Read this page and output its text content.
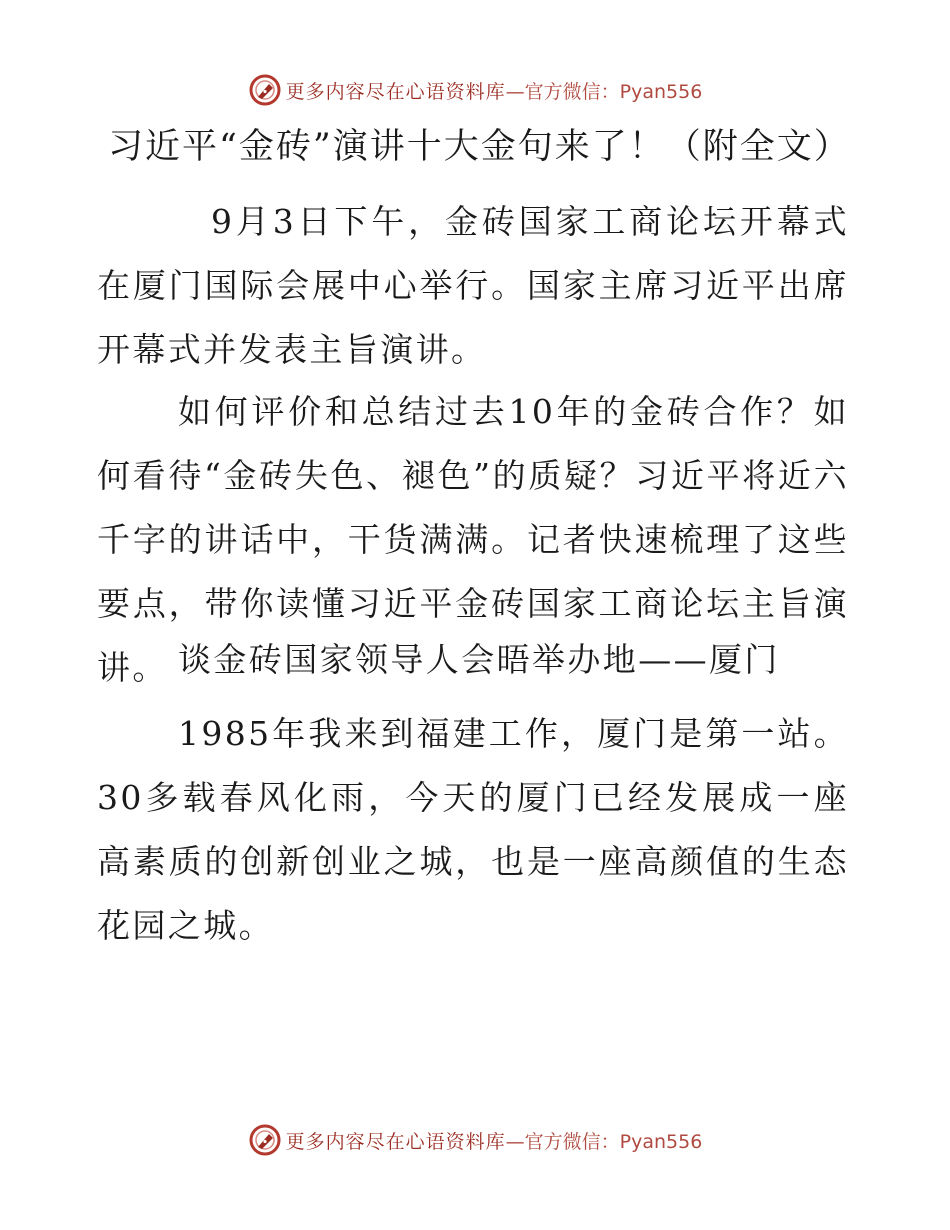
更多内容尽在心语资料库 —官方微信：Pyan556
习近平“金砖”演讲十大金句来了！（附全文）

9月3日下午，金砖国家工商论坛开幕式在厦门国际会展中心举行。国家主席习近平出席开幕式并发表主旨演讲。

如何评价和总结过去10年的金砖合作？如何看待“金砖失色、褪色”的质疑？习近平将近六千字的讲话中，干货满满。记者快速梳理了这些要点，带你读懂习近平金砖国家工商论坛主旨演讲。 谈金砖国家领导人会晤举办地——厦门

1985年我来到福建工作，厦门是第一站。30多载春风化雨，今天的厦门已经发展成一座高素质的创新创业之城，也是一座高颜值的生态花园之城。

更多内容尽在心语资料库 —官方微信：Pyan556
